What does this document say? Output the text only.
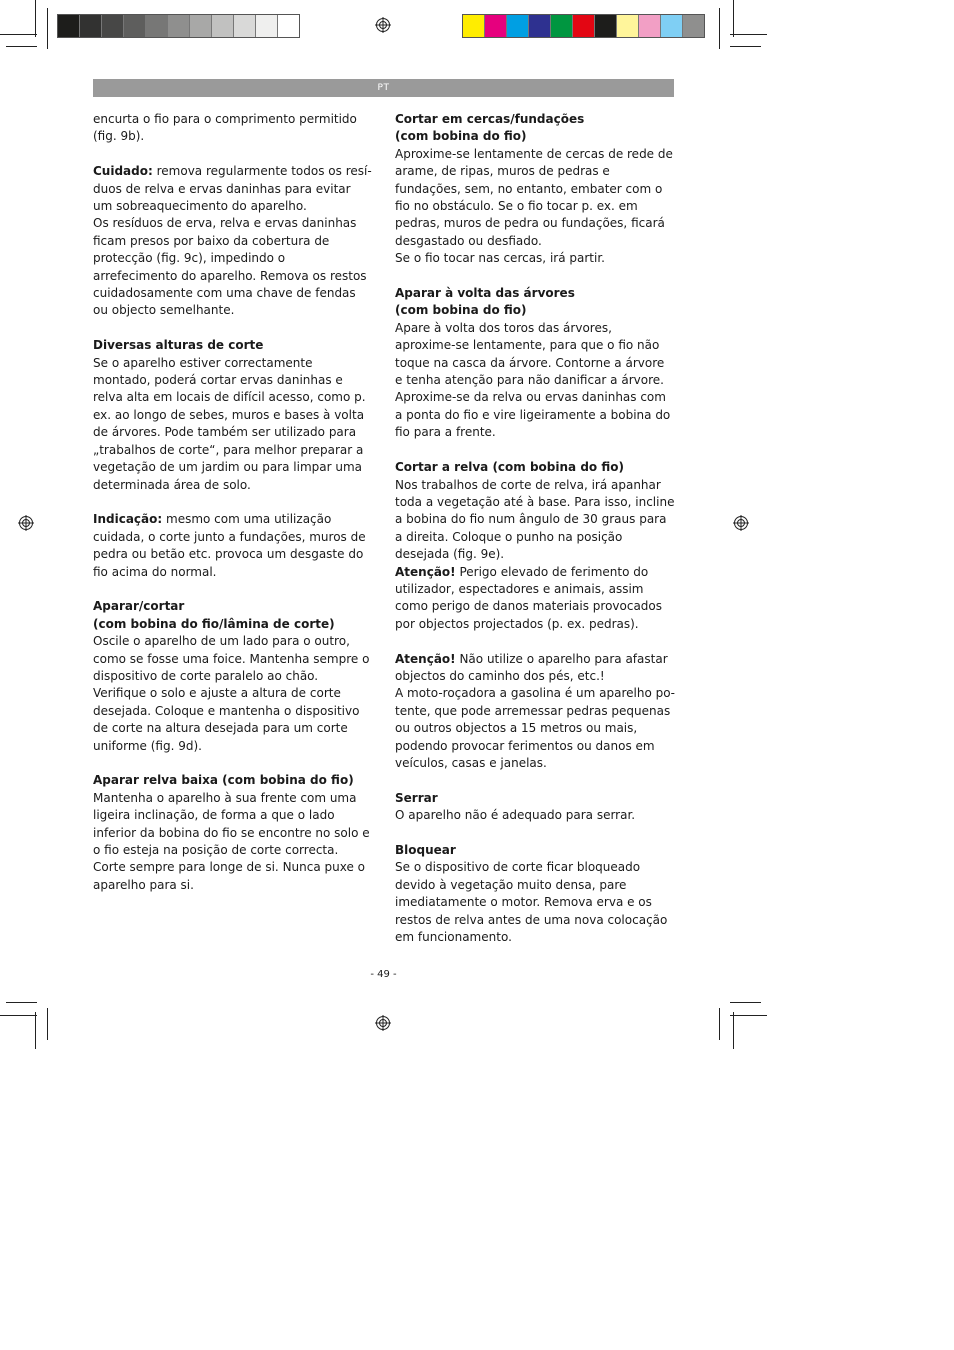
PT

encurta o fio para o comprimento permitido (fig. 9b).

Cuidado: remova regularmente todos os resíduos de relva e ervas daninhas para evitar um sobreaquecimento do aparelho.

Os resíduos de erva, relva e ervas daninhas ficam presos por baixo da cobertura de protecção (fig. 9c), impedindo o arrefecimento do aparelho. Remova os restos cuidadosamente com uma chave de fendas ou objecto semelhante.

Diversas alturas de corte

Se o aparelho estiver correctamente montado, poderá cortar ervas daninhas e relva alta em locais de difícil acesso, como p. ex. ao longo de sebes, muros e bases à volta de árvores. Pode também ser utilizado para „trabalhos de corte“, para melhor preparar a vegetação de um jardim ou para limpar uma determinada área de solo.

Indicação: mesmo com uma utilização cuidada, o corte junto a fundações, muros de pedra ou betão etc. provoca um desgaste do fio acima do normal.

Aparar/cortar

(com bobina do fio/lâmina de corte)

Oscile o aparelho de um lado para o outro, como se fosse uma foice. Mantenha sempre o dispositivo de corte paralelo ao chão.

Verifique o solo e ajuste a altura de corte desejada. Coloque e mantenha o dispositivo de corte na altura desejada para um corte uniforme (fig. 9d).

Aparar relva baixa (com bobina do fio)

Mantenha o aparelho à sua frente com uma ligeira inclinação, de forma a que o lado inferior da bobina do fio se encontre no solo e o fio esteja na posição de corte correcta. Corte sempre para longe de si. Nunca puxe o aparelho para si.

Cortar em cercas/fundações

(com bobina do fio)

Aproxime-se lentamente de cercas de rede de arame, de ripas, muros de pedras e fundações, sem, no entanto, embater com o fio no obstáculo. Se o fio tocar p. ex. em pedras, muros de pedra ou fundações, ficará desgastado ou desfiado.

Se o fio tocar nas cercas, irá partir.

Aparar à volta das árvores

(com bobina do fio)

Apare à volta dos toros das árvores, aproxime-se lentamente, para que o fio não toque na casca da árvore. Contorne a árvore e tenha atenção para não danificar a árvore. Aproxime-se da relva ou ervas daninhas com a ponta do fio e vire ligeiramente a bobina do fio para a frente.

Cortar a relva (com bobina do fio)

Nos trabalhos de corte de relva, irá apanhar toda a vegetação até à base. Para isso, incline a bobina do fio num ângulo de 30 graus para a direita. Coloque o punho na posição desejada (fig. 9e).

Atenção! Perigo elevado de ferimento do utilizador, espectadores e animais, assim como perigo de danos materiais provocados por objectos projectados (p. ex. pedras).

Atenção! Não utilize o aparelho para afastar objectos do caminho dos pés, etc.!

A moto-roçadora a gasolina é um aparelho potente, que pode arremessar pedras pequenas ou outros objectos a 15 metros ou mais, podendo provocar ferimentos ou danos em veículos, casas e janelas.

Serrar

O aparelho não é adequado para serrar.

Bloquear

Se o dispositivo de corte ficar bloqueado devido à vegetação muito densa, pare imediatamente o motor. Remova erva e os restos de relva antes de uma nova colocação em funcionamento.

- 49 -
